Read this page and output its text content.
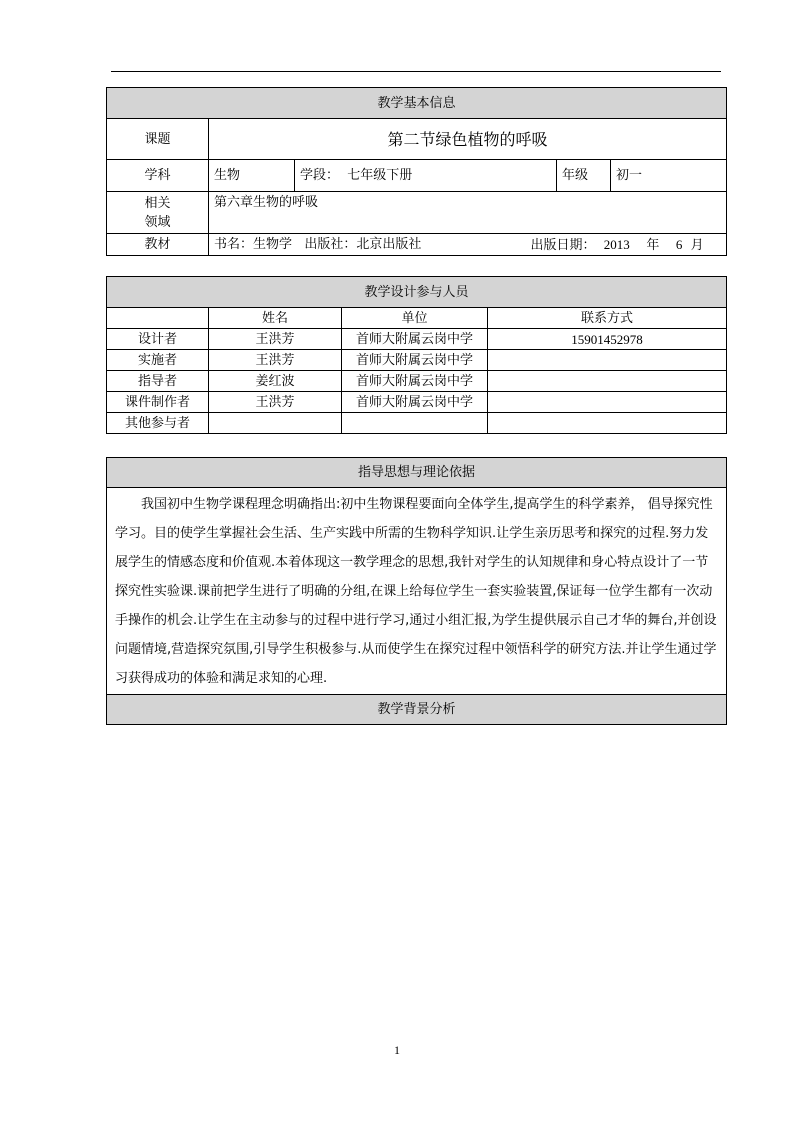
教学基本信息				
课题	第二节绿色植物的呼吸			
学科	生物	学段： 七年级下册	年级	初一

相关
领域	第六章生物的呼吸			
教材	书名：生物学 出版社：北京出版社 出版日期： 2013 年 6 月			
教学设计参与人员			
	姓名	单位	联系方式
设计者	王洪芳	首师大附属云岗中学	15901452978
实施者	王洪芳	首师大附属云岗中学	
指导者	姜红波	首师大附属云岗中学	
课件制作者	王洪芳	首师大附属云岗中学	
其他参与者			
指导思想与理论依据
我国初中生物学课程理念明确指出:初中生物课程要面向全体学生,提高学生的科学素养， 倡导探究性学习。目的使学生掌握社会生活、生产实践中所需的生物科学知识.让学生亲历思考和探究的过程.努力发展学生的情感态度和价值观.本着体现这一教学理念的思想,我针对学生的认知规律和身心特点设计了一节探究性实验课.课前把学生进行了明确的分组,在课上给每位学生一套实验装置,保证每一位学生都有一次动手操作的机会.让学生在主动参与的过程中进行学习,通过小组汇报,为学生提供展示自己才华的舞台,并创设问题情境,营造探究氛围,引导学生积极参与.从而使学生在探究过程中领悟科学的研究方法.并让学生通过学习获得成功的体验和满足求知的心理.
教学背景分析
1
